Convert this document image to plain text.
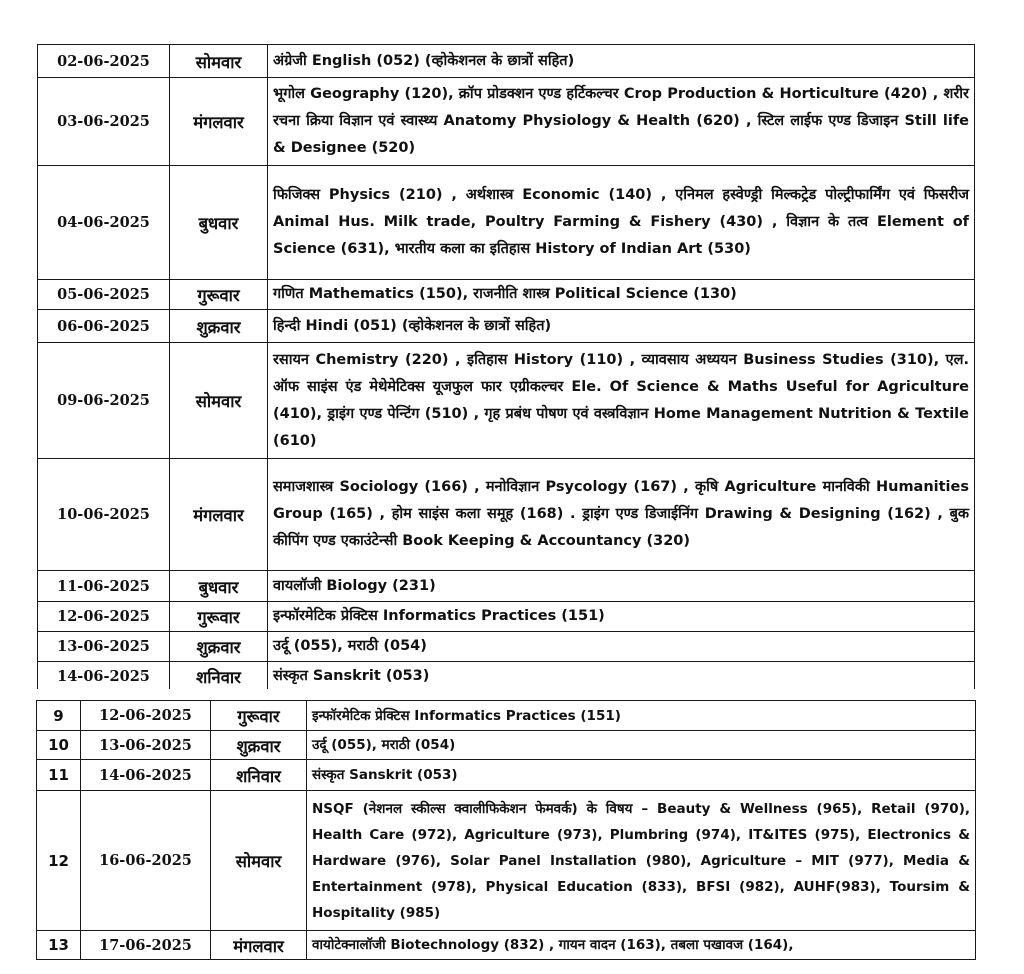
02-06-2025	सोमवार	अंग्रेजी English (052) (व्होकेशनल के छात्रों सहित)
03-06-2025	मंगलवार	भूगोल Geography (120), क्रॉप प्रोडक्शन एण्ड हर्टिकल्चर Crop Production & Horticulture (420) , शरीर रचना क्रिया विज्ञान एवं स्वास्थ्य Anatomy Physiology & Health (620) , स्टिल लाईफ एण्ड डिजाइन Still life & Designee (520)
04-06-2025	बुधवार	फिजिक्स Physics (210) , अर्थशास्त्र Economic (140) , एनिमल हस्वेण्ड्री मिल्कट्रेड पोल्ट्रीफार्मिंग एवं फिसरीज Animal Hus. Milk trade, Poultry Farming & Fishery (430) , विज्ञान के तत्व Element of Science (631), भारतीय कला का इतिहास History of Indian Art (530)
05-06-2025	गुरूवार	गणित Mathematics (150), राजनीति शास्त्र Political Science (130)
06-06-2025	शुक्रवार	हिन्दी Hindi (051) (व्होकेशनल के छात्रों सहित)
09-06-2025	सोमवार	रसायन Chemistry (220) , इतिहास History (110) , व्यावसाय अध्ययन Business Studies (310), एल. ऑफ साइंस एंड मेथेमेटिक्स यूजफुल फार एग्रीकल्चर Ele. Of Science & Maths Useful for Agriculture (410), ड्राइंग एण्ड पेन्टिंग (510) , गृह प्रबंध पोषण एवं वस्त्रविज्ञान Home Management Nutrition & Textile (610)
10-06-2025	मंगलवार	समाजशास्त्र Sociology (166) , मनोविज्ञान Psycology (167) , कृषि Agriculture मानविकी Humanities Group (165) , होम साइंस कला समूह (168) . ड्राइंग एण्ड डिजाईनिंग Drawing & Designing (162) , बुक कीपिंग एण्ड एकाउंटेन्सी Book Keeping & Accountancy (320)
11-06-2025	बुधवार	वायलॉजी Biology (231)
12-06-2025	गुरूवार	इन्फॉरमेटिक प्रेक्टिस Informatics Practices (151)
13-06-2025	शुक्रवार	उर्दू (055), मराठी (054)
14-06-2025	शनिवार	संस्कृत Sanskrit (053)
9	12-06-2025	गुरूवार	इन्फॉरमेटिक प्रेक्टिस Informatics Practices (151)
10	13-06-2025	शुक्रवार	उर्दू (055), मराठी (054)
11	14-06-2025	शनिवार	संस्कृत Sanskrit (053)
12	16-06-2025	सोमवार	NSQF (नेशनल स्कील्स क्वालीफिकेशन फेमवर्क) के विषय – Beauty & Wellness (965), Retail (970), Health Care (972), Agriculture (973), Plumbring (974), IT&ITES (975), Electronics & Hardware (976), Solar Panel Installation (980), Agriculture – MIT (977), Media & Entertainment (978), Physical Education (833), BFSI (982), AUHF(983), Toursim & Hospitality (985)
13	17-06-2025	मंगलवार	वायोटेक्नालॉजी Biotechnology (832) , गायन वादन (163), तबला पखावज (164),
